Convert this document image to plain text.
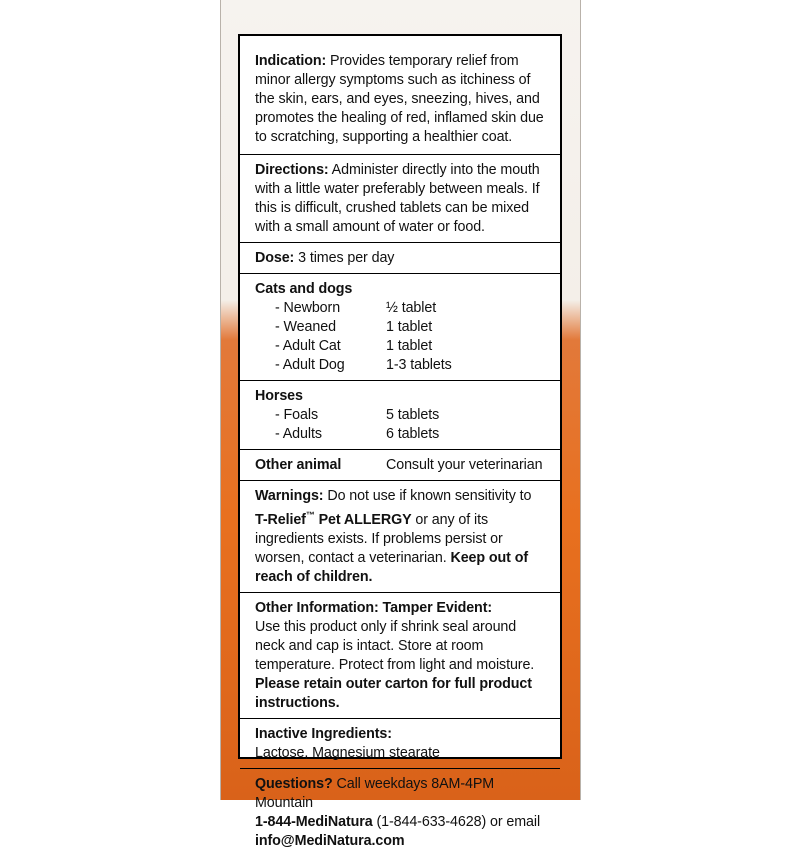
Indication: Provides temporary relief from minor allergy symptoms such as itchiness of the skin, ears, and eyes, sneezing, hives, and promotes the healing of red, inflamed skin due to scratching, supporting a healthier coat.

Directions: Administer directly into the mouth with a little water preferably between meals. If this is difficult, crushed tablets can be mixed with a small amount of water or food.

Dose: 3 times per day

Cats and dogs

- Newborn	½ tablet
- Weaned	1 tablet
- Adult Cat	1 tablet
- Adult Dog	1-3 tablets

Horses

- Foals	5 tablets
- Adults	6 tablets
Other animal	Consult your veterinarian

Warnings: Do not use if known sensitivity to T-Relief™ Pet ALLERGY or any of its ingredients exists. If problems persist or worsen, contact a veterinarian. Keep out of reach of children.

Other Information: Tamper Evident:

Use this product only if shrink seal around neck and cap is intact. Store at room temperature. Protect from light and moisture. Please retain outer carton for full product instructions.

Inactive Ingredients:

Lactose, Magnesium stearate

Questions? Call weekdays 8AM-4PM Mountain
1-844-MediNatura (1-844-633-4628) or email info@MediNatura.com
